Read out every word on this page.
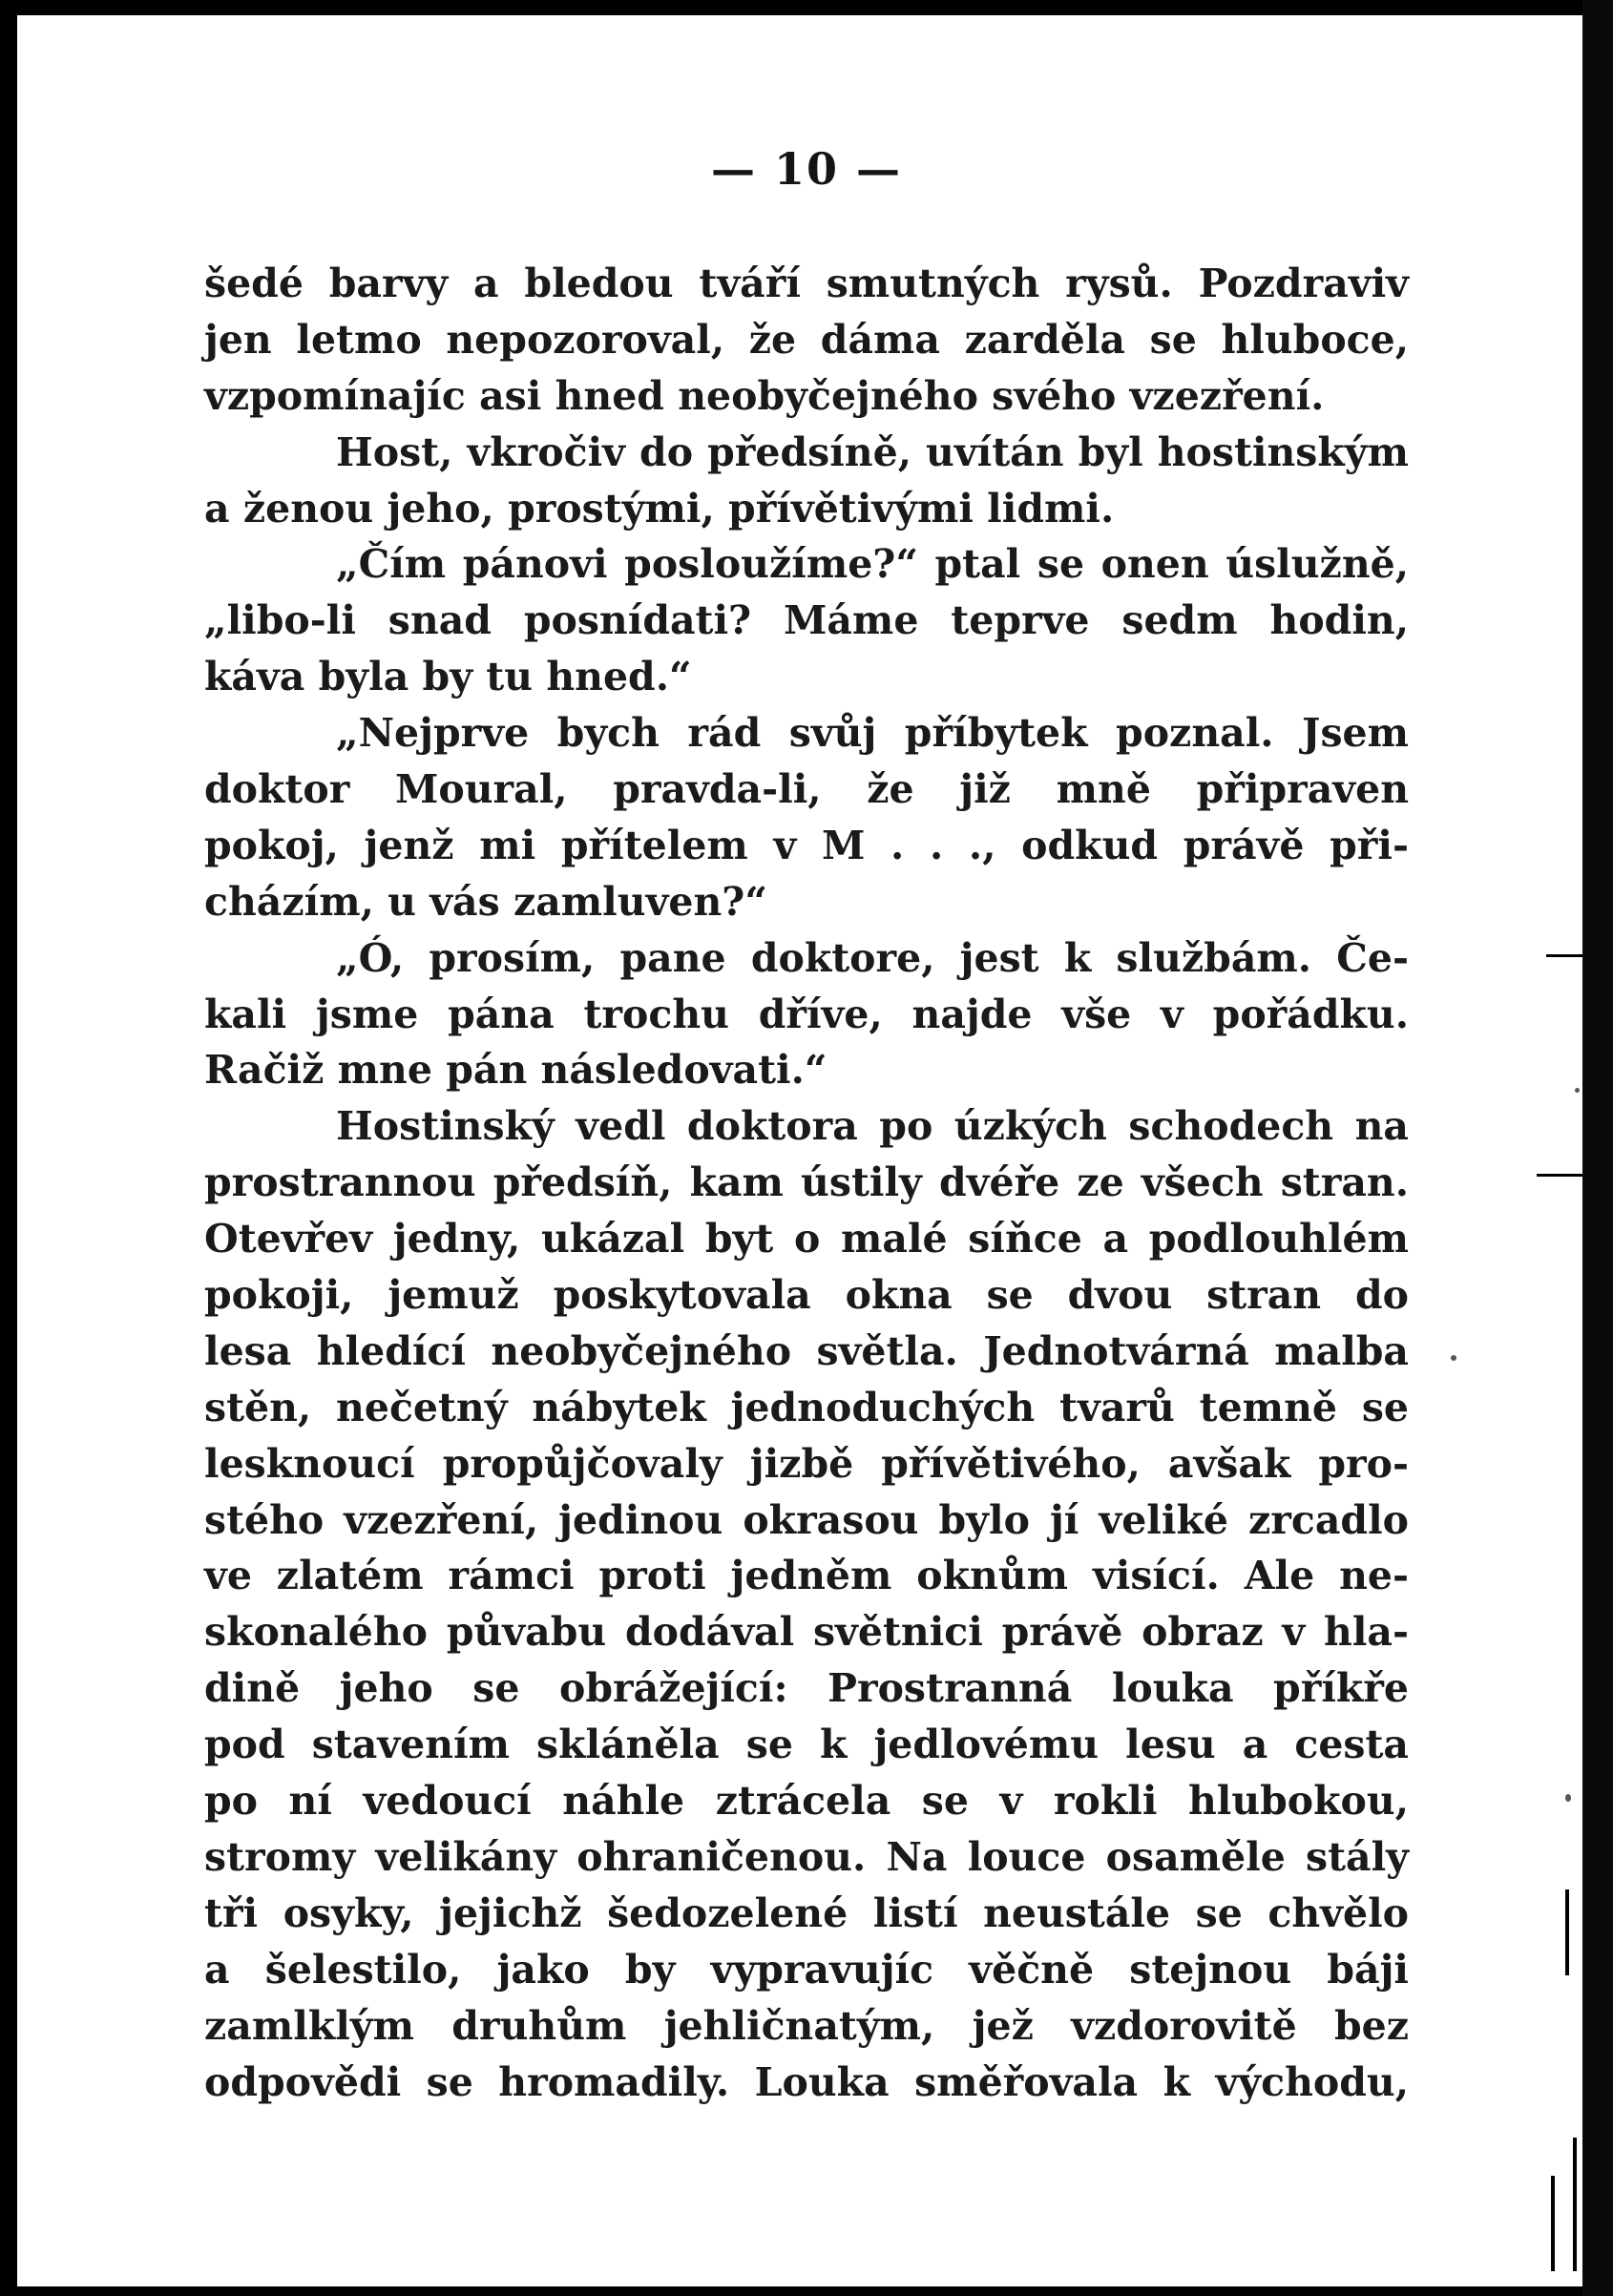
— 10 —
šedé barvy a bledou tváří smutných rysů. Pozdraviv
jen letmo nepozoroval, že dáma zarděla se hluboce,
vzpomínajíc asi hned neobyčejného svého vzezření.
Host, vkročiv do předsíně, uvítán byl hostinským
a ženou jeho, prostými, přívětivými lidmi.
„Čím pánovi posloužíme?“ ptal se onen úslužně,
„libo-li snad posnídati? Máme teprve sedm hodin,
káva byla by tu hned.“
„Nejprve bych rád svůj příbytek poznal. Jsem
doktor Moural, pravda-li, že již mně připraven
pokoj, jenž mi přítelem v M . . ., odkud právě při-
cházím, u vás zamluven?“
„Ó, prosím, pane doktore, jest k službám. Če-
kali jsme pána trochu dříve, najde vše v pořádku.
Račiž mne pán následovati.“
Hostinský vedl doktora po úzkých schodech na
prostrannou předsíň, kam ústily dvéře ze všech stran.
Otevřev jedny, ukázal byt o malé síňce a podlouhlém
pokoji, jemuž poskytovala okna se dvou stran do
lesa hledící neobyčejného světla. Jednotvárná malba
stěn, nečetný nábytek jednoduchých tvarů temně se
lesknoucí propůjčovaly jizbě přívětivého, avšak pro-
stého vzezření, jedinou okrasou bylo jí veliké zrcadlo
ve zlatém rámci proti jedněm oknům visící. Ale ne-
skonalého půvabu dodával světnici právě obraz v hla-
dině jeho se obrážející: Prostranná louka příkře
pod stavením skláněla se k jedlovému lesu a cesta
po ní vedoucí náhle ztrácela se v rokli hlubokou,
stromy velikány ohraničenou. Na louce osaměle stály
tři osyky, jejichž šedozelené listí neustále se chvělo
a šelestilo, jako by vypravujíc věčně stejnou báji
zamlklým druhům jehličnatým, jež vzdorovitě bez
odpovědi se hromadily. Louka směřovala k východu,
